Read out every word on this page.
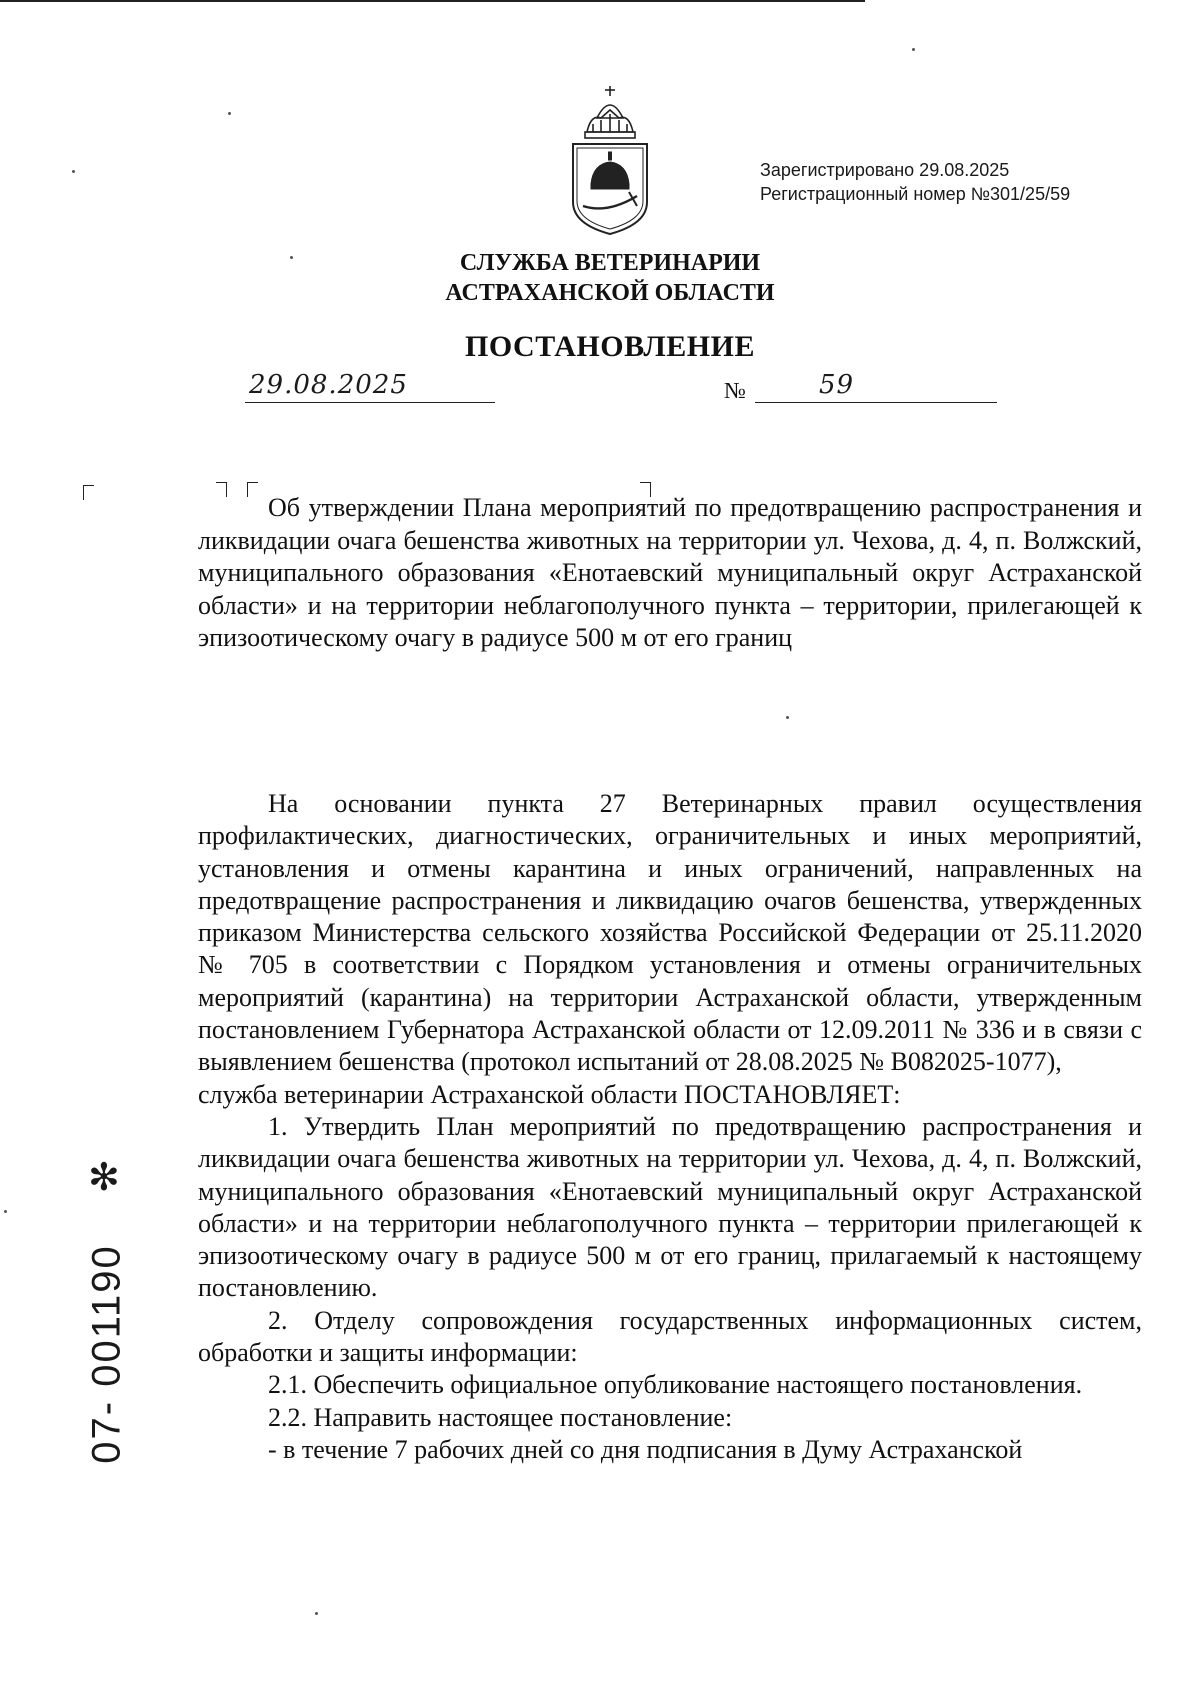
Зарегистрировано 29.08.2025
Регистрационный номер №301/25/59
СЛУЖБА ВЕТЕРИНАРИИ
АСТРАХАНСКОЙ ОБЛАСТИ
ПОСТАНОВЛЕНИЕ
29.08.2025	№	59

Об утверждении Плана мероприятий по предотвращению распространения и ликвидации очага бешенства животных на территории ул. Чехова, д. 4, п. Волжский, муниципального образования «Енотаевский муниципальный округ Астраханской области» и на территории неблагополучного пункта – территории, прилегающей к эпизоотическому очагу в радиусе 500 м от его границ

На основании пункта 27 Ветеринарных правил осуществления профилактических, диагностических, ограничительных и иных мероприятий, установления и отмены карантина и иных ограничений, направленных на предотвращение распространения и ликвидацию очагов бешенства, утвержденных приказом Министерства сельского хозяйства Российской Федерации от 25.11.2020 № 705 в соответствии с Порядком установления и отмены ограничительных мероприятий (карантина) на территории Астраханской области, утвержденным постановлением Губернатора Астраханской области от 12.09.2011 № 336 и в связи с выявлением бешенства (протокол испытаний от 28.08.2025 № В082025-1077),

служба ветеринарии Астраханской области ПОСТАНОВЛЯЕТ:

1. Утвердить План мероприятий по предотвращению распространения и ликвидации очага бешенства животных на территории ул. Чехова, д. 4, п. Волжский, муниципального образования «Енотаевский муниципальный округ Астраханской области» и на территории неблагополучного пункта – территории прилегающей к эпизоотическому очагу в радиусе 500 м от его границ, прилагаемый к настоящему постановлению.

2. Отделу сопровождения государственных информационных систем, обработки и защиты информации:

2.1. Обеспечить официальное опубликование настоящего постановления.

2.2. Направить настоящее постановление:

- в течение 7 рабочих дней со дня подписания в Думу Астраханской

✻
07- 001190
